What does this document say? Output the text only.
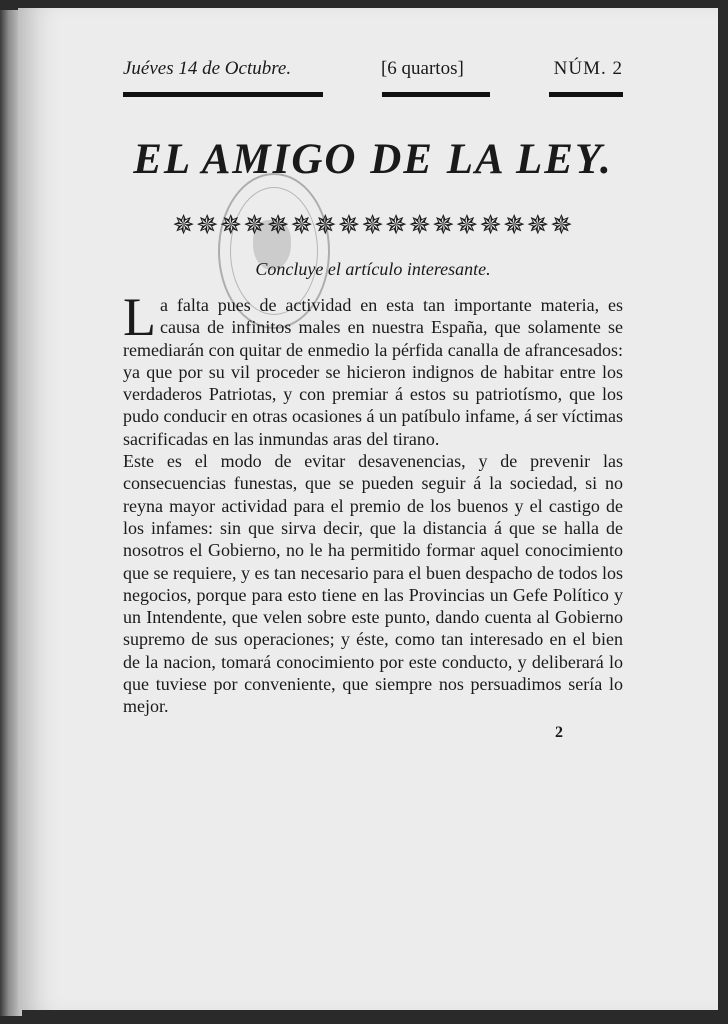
Juéves 14 de Octubre.	[6 quartos]	NÚM. 2
EL AMIGO DE LA LEY.
✵✵✵✵✵✵✵✵✵✵✵✵✵✵✵✵✵
Concluye el artículo interesante.

La falta pues de actividad en esta tan importante materia, es causa de infinitos males en nuestra España, que solamente se remediarán con quitar de enmedio la pérfida canalla de afrancesados: ya que por su vil proceder se hicieron indignos de habitar entre los verdaderos Patriotas, y con premiar á estos su patriotísmo, que los pudo conducir en otras ocasiones á un patíbulo infame, á ser víctimas sacrificadas en las inmundas aras del tirano.

Este es el modo de evitar desavenencias, y de prevenir las consecuencias funestas, que se pueden seguir á la sociedad, si no reyna mayor actividad para el premio de los buenos y el castigo de los infames: sin que sirva decir, que la distancia á que se halla de nosotros el Gobierno, no le ha permitido formar aquel conocimiento que se requiere, y es tan necesario para el buen despacho de todos los negocios, porque para esto tiene en las Provincias un Gefe Político y un Intendente, que velen sobre este punto, dando cuenta al Gobierno supremo de sus operaciones; y éste, como tan interesado en el bien de la nacion, tomará conocimiento por este conducto, y deliberará lo que tuviese por conveniente, que siempre nos persuadimos sería lo mejor.

2
